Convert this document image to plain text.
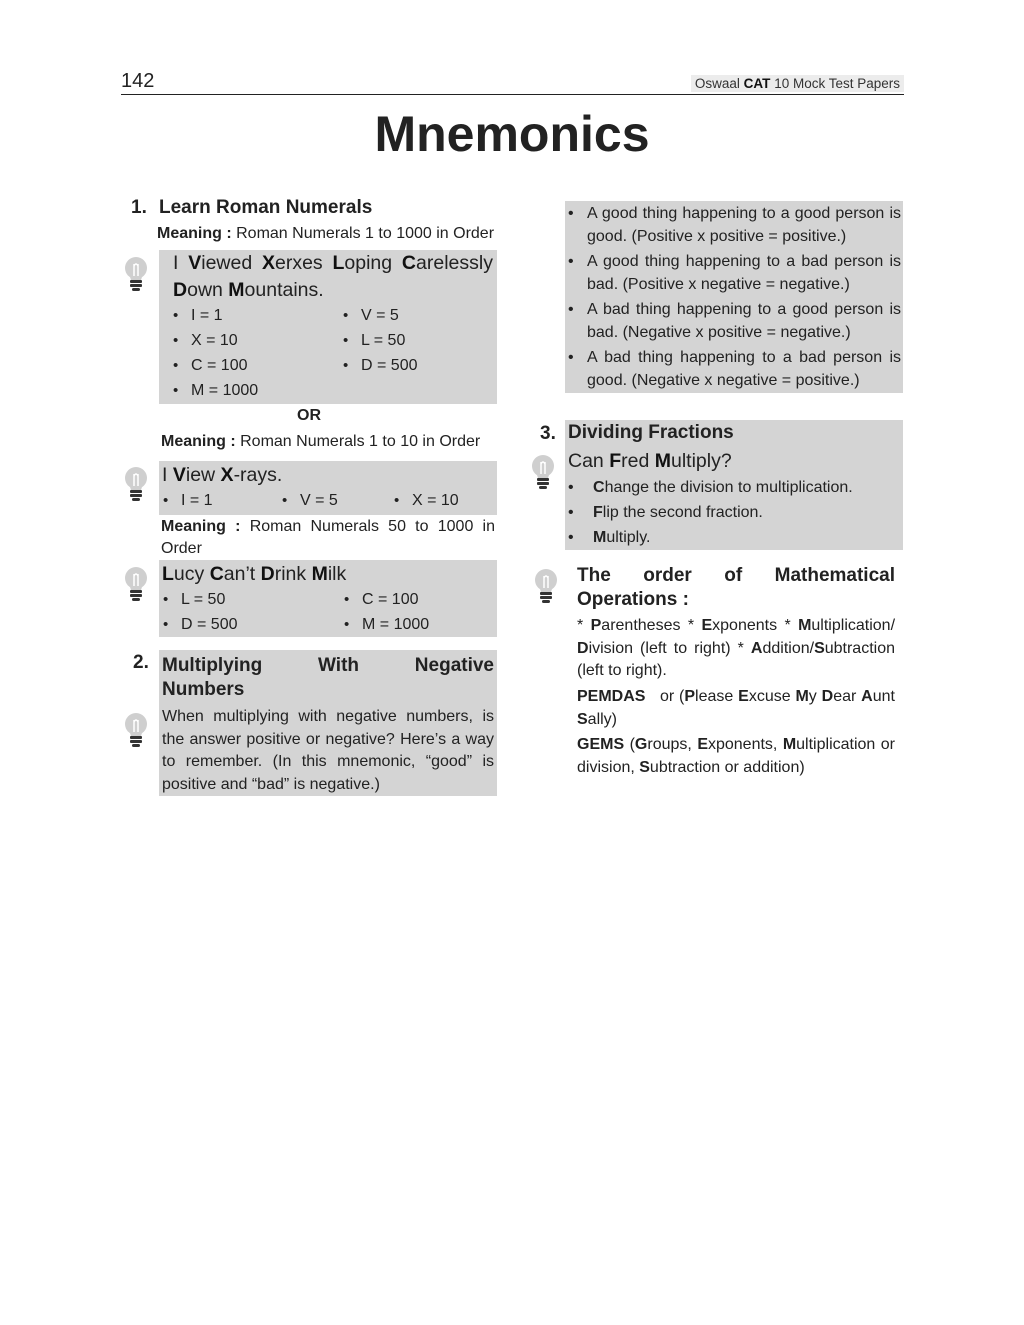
142	Oswaal CAT 10 Mock Test Papers
Mnemonics
1. Learn Roman Numerals
Meaning : Roman Numerals 1 to 1000 in Order
I Viewed Xerxes Loping Carelessly Down Mountains.
• I = 1	• V = 5
• X = 10	• L = 50
• C = 100	• D = 500
• M = 1000
OR
Meaning : Roman Numerals 1 to 10 in Order
I View X-rays.
• I = 1	• V = 5	• X = 10
Meaning : Roman Numerals 50 to 1000 in Order
Lucy Can’t Drink Milk
• L = 50	• C = 100
• D = 500	• M = 1000
2. Multiplying With Negative
Numbers
When multiplying with negative numbers, is the answer positive or negative? Here’s a way to remember. (In this mnemonic, “good” is positive and “bad” is negative.)
• A good thing happening to a good person is good. (Positive x positive = positive.)
• A good thing happening to a bad person is bad. (Positive x negative = negative.)
• A bad thing happening to a good person is bad. (Negative x positive = negative.)
• A bad thing happening to a bad person is good. (Negative x negative = positive.)
3. Dividing Fractions
Can Fred Multiply?
• Change the division to multiplication.
• Flip the second fraction.
• Multiply.
The order of Mathematical
Operations :
* Parentheses * Exponents * Multiplication/ Division (left to right) * Addition/Subtraction (left to right).
PEMDAS   or (Please Excuse My Dear Aunt Sally)
GEMS (Groups, Exponents, Multiplication or division, Subtraction or addition)
